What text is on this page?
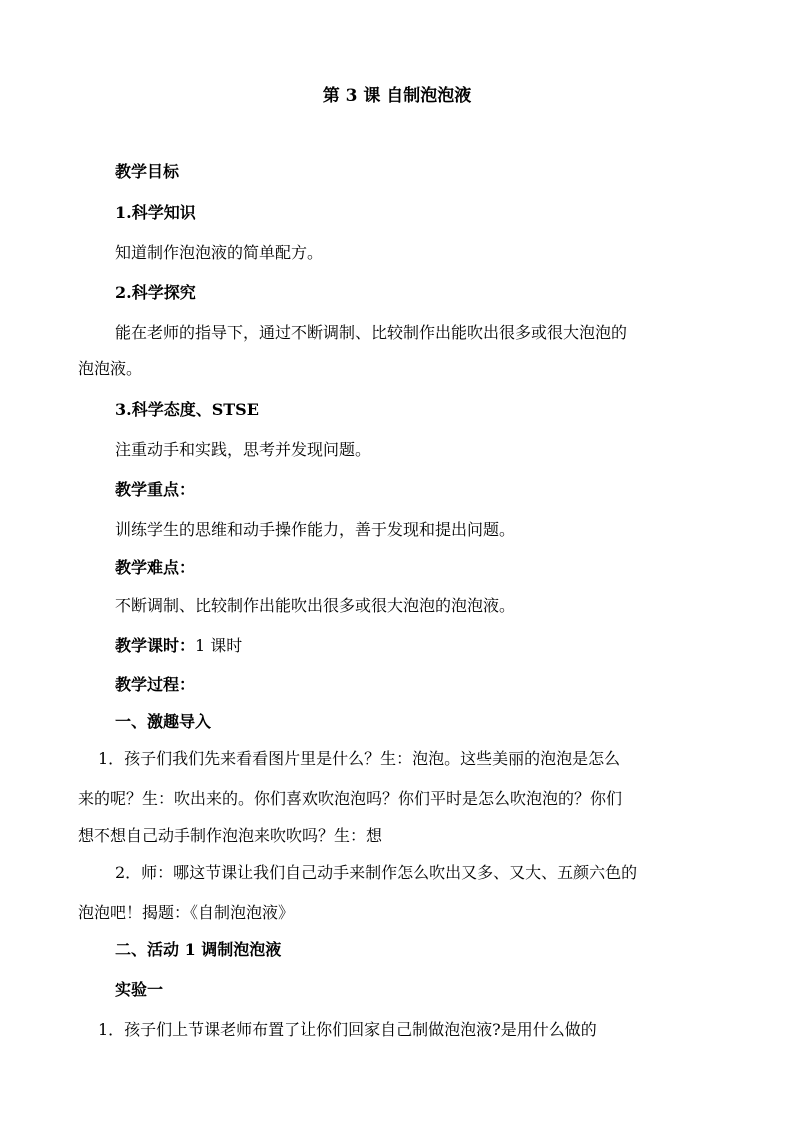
第 3 课 自制泡泡液
教学目标
1.科学知识
知道制作泡泡液的简单配方。
2.科学探究
能在老师的指导下，通过不断调制、比较制作出能吹出很多或很大泡泡的
泡泡液。
3.科学态度、STSE
注重动手和实践，思考并发现问题。
教学重点：
训练学生的思维和动手操作能力，善于发现和提出问题。
教学难点：
不断调制、比较制作出能吹出很多或很大泡泡的泡泡液。
教学课时：1 课时
教学过程：
一、激趣导入
1．孩子们我们先来看看图片里是什么？生：泡泡。这些美丽的泡泡是怎么
来的呢？生：吹出来的。你们喜欢吹泡泡吗？你们平时是怎么吹泡泡的？你们
想不想自己动手制作泡泡来吹吹吗？生：想
2．师：哪这节课让我们自己动手来制作怎么吹出又多、又大、五颜六色的
泡泡吧！揭题：《自制泡泡液》
二、活动 1 调制泡泡液
实验一
1．孩子们上节课老师布置了让你们回家自己制做泡泡液?是用什么做的
